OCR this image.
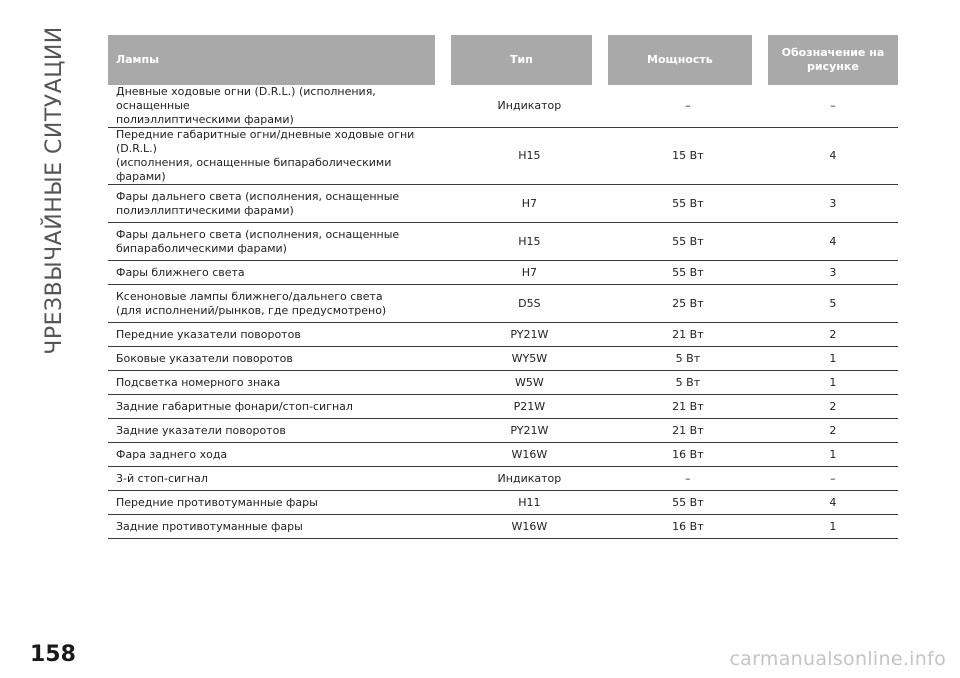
ЧРЕЗВЫЧАЙНЫЕ СИТУАЦИИ	Лампы	Тип	Мощность	Обозначение на рисунке
Дневные ходовые огни (D.R.L.) (исполнения, оснащенные
полиэллиптическими фарами)	Индикатор	–	–
Передние габаритные огни/дневные ходовые огни (D.R.L.)
(исполнения, оснащенные бипараболическими фарами)	H15	15 Вт	4
Фары дальнего света (исполнения, оснащенные
полиэллиптическими фарами)	H7	55 Вт	3
Фары дальнего света (исполнения, оснащенные
бипараболическими фарами)	H15	55 Вт	4
Фары ближнего света	H7	55 Вт	3
Ксеноновые лампы ближнего/дальнего света
(для исполнений/рынков, где предусмотрено)	D5S	25 Вт	5
Передние указатели поворотов	PY21W	21 Вт	2
Боковые указатели поворотов	WY5W	5 Вт	1
Подсветка номерного знака	W5W	5 Вт	1
Задние габаритные фонари/стоп-сигнал	P21W	21 Вт	2
Задние указатели поворотов	PY21W	21 Вт	2
Фара заднего хода	W16W	16 Вт	1
3-й стоп-сигнал	Индикатор	–	–
Передние противотуманные фары	H11	55 Вт	4
Задние противотуманные фары	W16W	16 Вт	1
158	carmanualsonline.info
